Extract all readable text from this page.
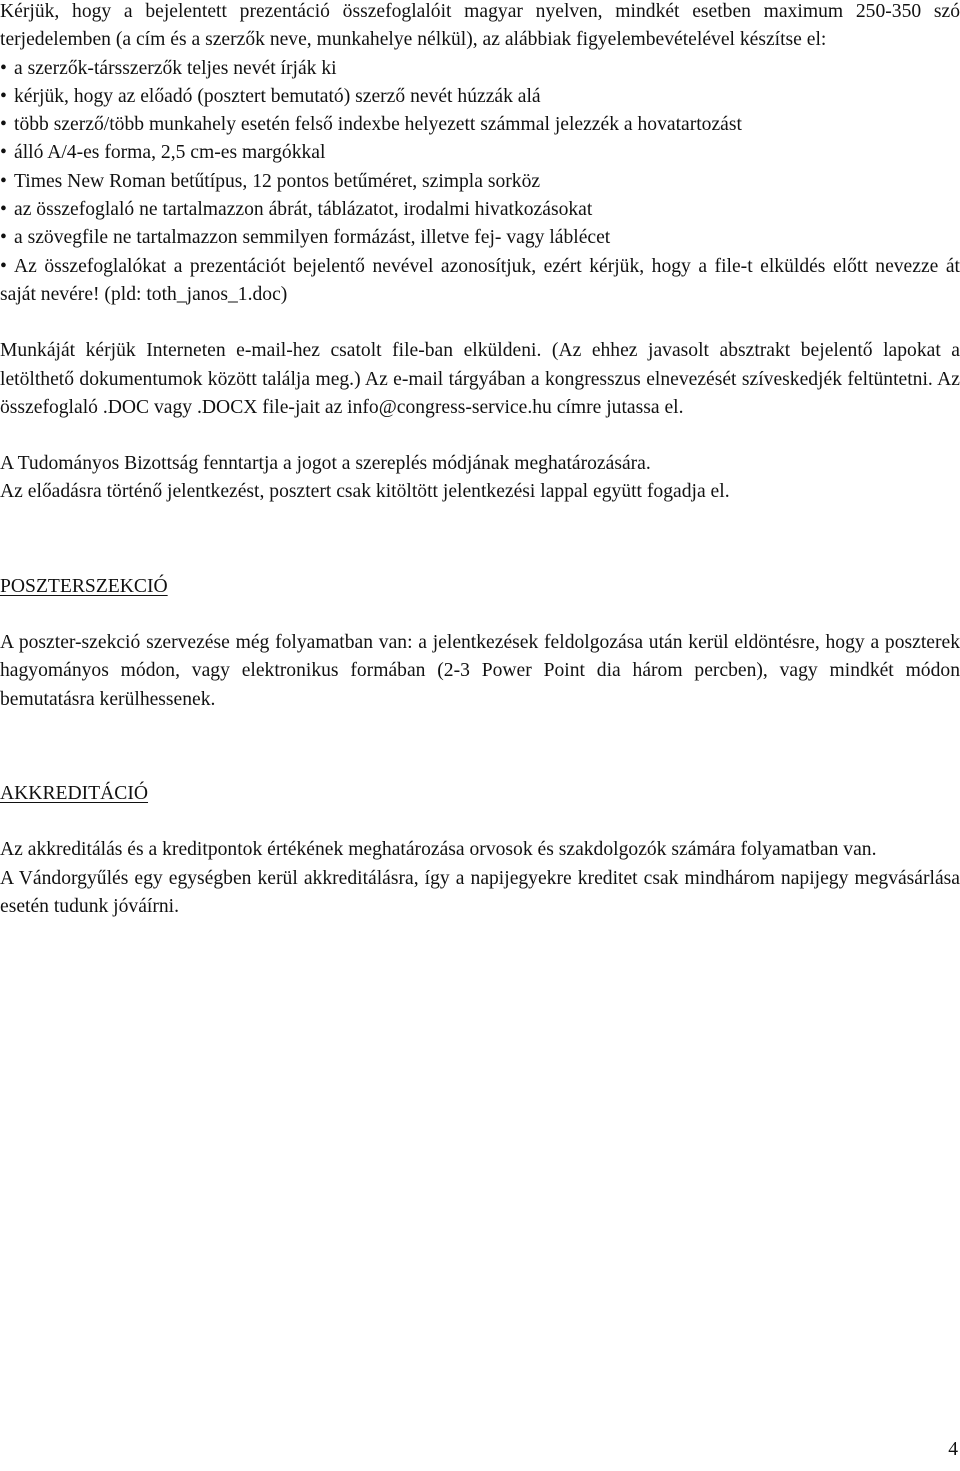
Kérjük, hogy a bejelentett prezentáció összefoglalóit magyar nyelven, mindkét esetben maximum 250-350 szó terjedelemben (a cím és a szerzők neve, munkahelye nélkül), az alábbiak figyelembevételével készítse el:

• a szerzők-társszerzők teljes nevét írják ki
• kérjük, hogy az előadó (posztert bemutató) szerző nevét húzzák alá
• több szerző/több munkahely esetén felső indexbe helyezett számmal jelezzék a hovatartozást
• álló A/4-es forma, 2,5 cm-es margókkal
• Times New Roman betűtípus, 12 pontos betűméret, szimpla sorköz
• az összefoglaló ne tartalmazzon ábrát, táblázatot, irodalmi hivatkozásokat
• a szövegfile ne tartalmazzon semmilyen formázást, illetve fej- vagy láblécet
• Az összefoglalókat a prezentációt bejelentő nevével azonosítjuk, ezért kérjük, hogy a file-t elküldés előtt nevezze át saját nevére! (pld: toth_janos_1.doc)

Munkáját kérjük Interneten e-mail-hez csatolt file-ban elküldeni. (Az ehhez javasolt absztrakt bejelentő lapokat a letölthető dokumentumok között találja meg.) Az e-mail tárgyában a kongresszus elnevezését szíveskedjék feltüntetni. Az összefoglaló .DOC vagy .DOCX file-jait az info@congress-service.hu címre jutassa el.

A Tudományos Bizottság fenntartja a jogot a szereplés módjának meghatározására.

Az előadásra történő jelentkezést, posztert csak kitöltött jelentkezési lappal együtt fogadja el.

POSZTERSZEKCIÓ

A poszter-szekció szervezése még folyamatban van: a jelentkezések feldolgozása után kerül eldöntésre, hogy a poszterek hagyományos módon, vagy elektronikus formában (2-3 Power Point dia három percben), vagy mindkét módon bemutatásra kerülhessenek.

AKKREDITÁCIÓ

Az akkreditálás és a kreditpontok értékének meghatározása orvosok és szakdolgozók számára folyamatban van.

A Vándorgyűlés egy egységben kerül akkreditálásra, így a napijegyekre kreditet csak mindhárom napijegy megvásárlása esetén tudunk jóváírni.

4
